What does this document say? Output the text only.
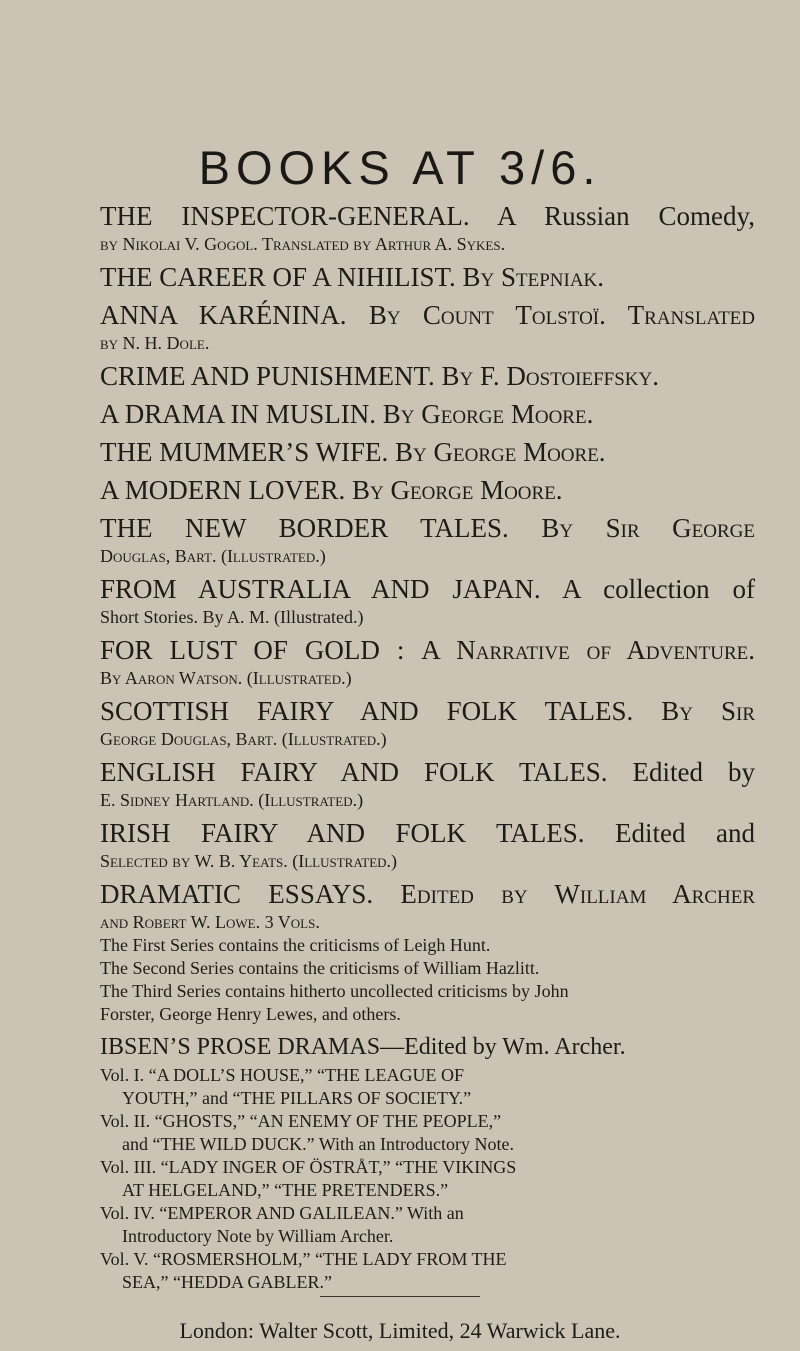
BOOKS AT 3/6.
THE INSPECTOR-GENERAL. A Russian Comedy,
by Nikolai V. Gogol. Translated by Arthur A. Sykes.
THE CAREER OF A NIHILIST. By Stepniak.
ANNA KARÉNINA. By Count Tolstoï. Translated
by N. H. Dole.
CRIME AND PUNISHMENT. By F. Dostoieffsky.
A DRAMA IN MUSLIN. By George Moore.
THE MUMMER’S WIFE. By George Moore.
A MODERN LOVER. By George Moore.
THE NEW BORDER TALES. By Sir George
Douglas, Bart. (Illustrated.)
FROM AUSTRALIA AND JAPAN. A collection of
Short Stories. By A. M. (Illustrated.)
FOR LUST OF GOLD : A Narrative of Adventure.
By Aaron Watson. (Illustrated.)
SCOTTISH FAIRY AND FOLK TALES. By Sir
George Douglas, Bart. (Illustrated.)
ENGLISH FAIRY AND FOLK TALES. Edited by
E. Sidney Hartland. (Illustrated.)
IRISH FAIRY AND FOLK TALES. Edited and
Selected by W. B. Yeats. (Illustrated.)
DRAMATIC ESSAYS. Edited by William Archer
and Robert W. Lowe. 3 Vols.
The First Series contains the criticisms of Leigh Hunt.
The Second Series contains the criticisms of William Hazlitt.
The Third Series contains hitherto uncollected criticisms by John
Forster, George Henry Lewes, and others.
IBSEN’S PROSE DRAMAS—Edited by Wm. Archer.
Vol. I. “A DOLL’S HOUSE,” “THE LEAGUE OF
YOUTH,” and “THE PILLARS OF SOCIETY.”
Vol. II. “GHOSTS,” “AN ENEMY OF THE PEOPLE,”
and “THE WILD DUCK.” With an Introductory Note.
Vol. III. “LADY INGER OF ÖSTRÅT,” “THE VIKINGS
AT HELGELAND,” “THE PRETENDERS.”
Vol. IV. “EMPEROR AND GALILEAN.” With an
Introductory Note by William Archer.
Vol. V. “ROSMERSHOLM,” “THE LADY FROM THE
SEA,” “HEDDA GABLER.”
London: Walter Scott, Limited, 24 Warwick Lane.
